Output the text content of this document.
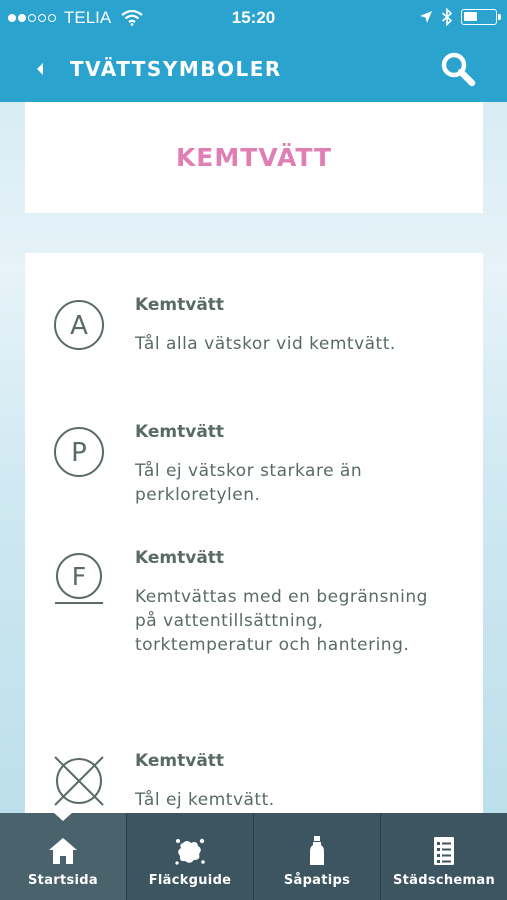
TELIA	15:20
TVÄTTSYMBOLER
KEMTVÄTT
A
Kemtvätt
Tål alla vätskor vid kemtvätt.
P
Kemtvätt
Tål ej vätskor starkare än perkloretylen.
F
Kemtvätt
Kemtvättas med en begränsning på vattentillsättning, torktemperatur och hantering.
Kemtvätt
Tål ej kemtvätt.
Startsida	Fläckguide	Såpatips	Städscheman
